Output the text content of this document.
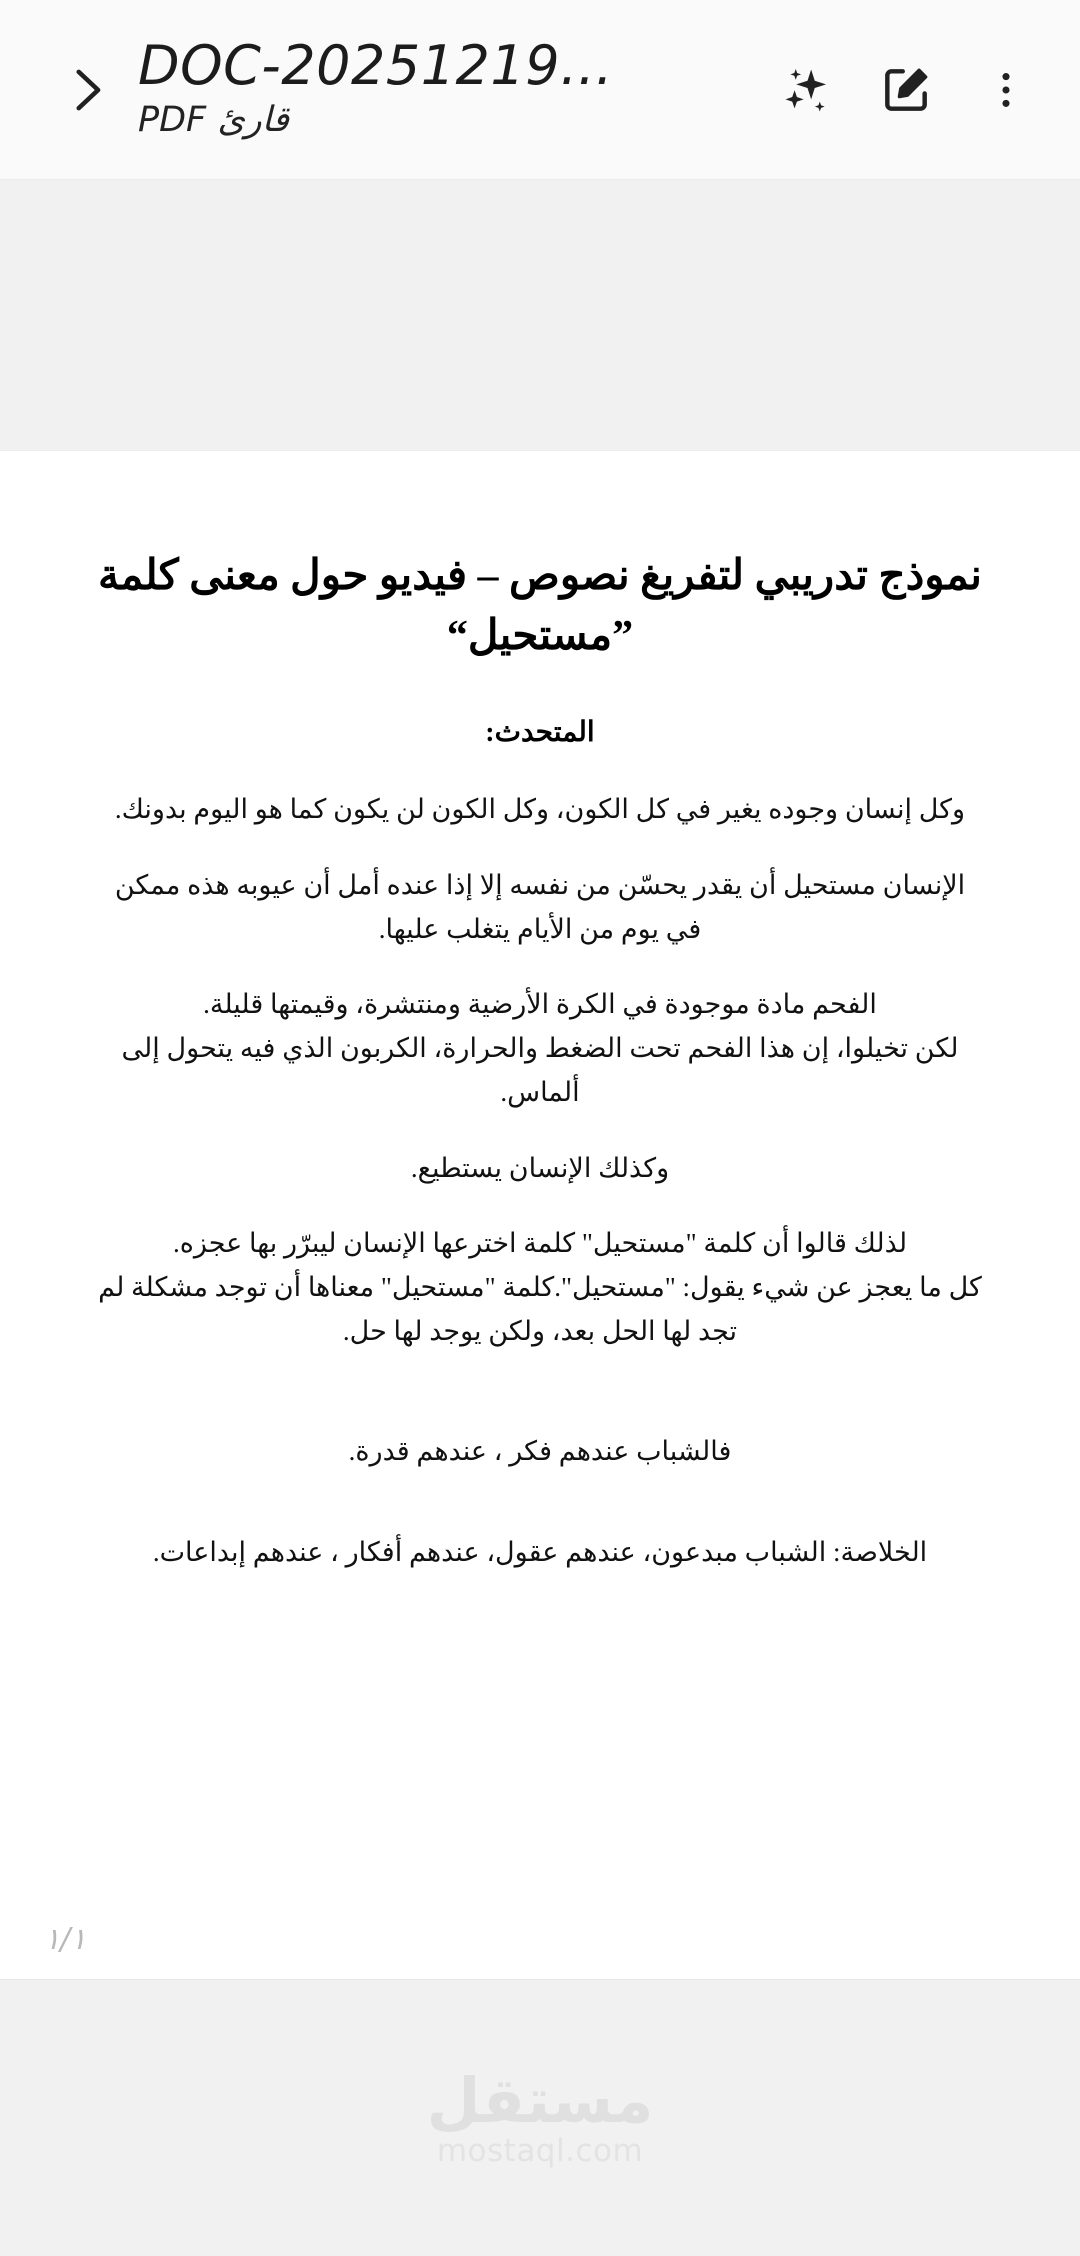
DOC-20251219...
قارئ PDF
نموذج تدريبي لتفريغ نصوص – فيديو حول معنى كلمة ”مستحيل“

المتحدث:

وكل إنسان وجوده يغير في كل الكون، وكل الكون لن يكون كما هو اليوم بدونك.

الإنسان مستحيل أن يقدر يحسّن من نفسه إلا إذا عنده أمل أن عيوبه هذه ممكن في يوم من الأيام يتغلب عليها.

الفحم مادة موجودة في الكرة الأرضية ومنتشرة، وقيمتها قليلة.
لكن تخيلوا، إن هذا الفحم تحت الضغط والحرارة، الكربون الذي فيه يتحول إلى ألماس.

وكذلك الإنسان يستطيع.

لذلك قالوا أن كلمة "مستحيل" كلمة اخترعها الإنسان ليبرّر بها عجزه.
كل ما يعجز عن شيء يقول: "مستحيل".كلمة "مستحيل" معناها أن توجد مشكلة لم تجد لها الحل بعد، ولكن يوجد لها حل.

فالشباب عندهم فكر ، عندهم قدرة.

الخلاصة: الشباب مبدعون، عندهم عقول، عندهم أفكار ، عندهم إبداعات.

١/١
مستقل
mostaql.com
